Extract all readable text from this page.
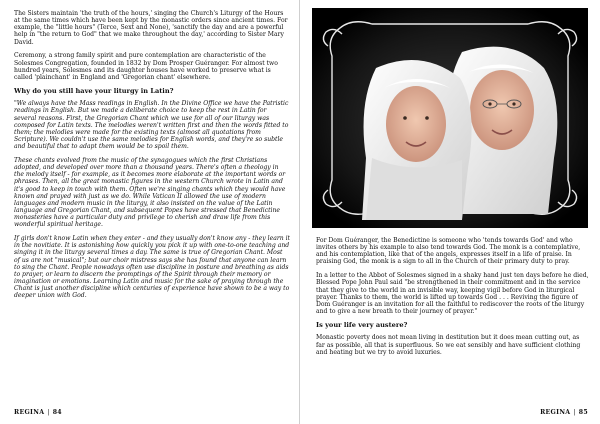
The Sisters maintain 'the truth of the hours,' singing the Church's Liturgy of the Hours at the same times which have been kept by the monastic orders since ancient times. For example, the "little hours" (Terce, Sext and None), 'sanctify the day and are a powerful help in "the return to God" that we make throughout the day,' according to Sister Mary David.

Ceremony, a strong family spirit and pure contemplation are characteristic of the Solesmes Congregation, founded in 1832 by Dom Prosper Guéranger. For almost two hundred years, Solesmes and its daughter houses have worked to preserve what is called 'plainchant' in England and 'Gregorian chant' elsewhere.

Why do you still have your liturgy in Latin?

"We always have the Mass readings in English. In the Divine Office we have the Patristic readings in English. But we made a deliberate choice to keep the rest in Latin for several reasons. First, the Gregorian Chant which we use for all of our liturgy was composed for Latin texts. The melodies weren't written first and then the words fitted to them; the melodies were made for the existing texts (almost all quotations from Scripture). We couldn't use the same melodies for English words, and they're so subtle and beautiful that to adapt them would be to spoil them.

These chants evolved from the music of the synagogues which the first Christians adopted, and developed over more than a thousand years. There's often a theology in the melody itself - for example, as it becomes more elaborate at the important words or phrases. Then, all the great monastic figures in the western Church wrote in Latin and it's good to keep in touch with them. Often we're singing chants which they would have known and prayed with just as we do. While Vatican II allowed the use of modern languages and modern music in the liturgy, it also insisted on the value of the Latin language and Gregorian Chant, and subsequent Popes have stressed that Benedictine monasteries have a particular duty and privilege to cherish and draw life from this wonderful spiritual heritage.

If girls don't know Latin when they enter - and they usually don't know any - they learn it in the novitiate. It is astonishing how quickly you pick it up with one-to-one teaching and singing it in the liturgy several times a day. The same is true of Gregorian Chant. Most of us are not "musical"; but our choir mistress says she has found that anyone can learn to sing the Chant. People nowadays often use discipline in posture and breathing as aids to prayer, or learn to discern the promptings of the Spirit through their memory or imagination or emotions. Learning Latin and music for the sake of praying through the Chant is just another discipline which centuries of experience have shown to be a way to deeper union with God.

REGINA | 84

For Dom Guéranger, the Benedictine is someone who 'tends towards God' and who invites others by his example to also tend towards God. The monk is a contemplative, and his contemplation, like that of the angels, expresses itself in a life of praise. In praising God, the monk is a sign to all in the Church of their primary duty to pray.

In a letter to the Abbot of Solesmes signed in a shaky hand just ten days before he died, Blessed Pope John Paul said "be strengthened in their commitment and in the service that they give to the world in an invisible way, keeping vigil before God in liturgical prayer. Thanks to them, the world is lifted up towards God . . . Reviving the figure of Dom Guéranger is an invitation for all the faithful to rediscover the roots of the liturgy and to give a new breath to their journey of prayer."

Is your life very austere?

Monastic poverty does not mean living in destitution but it does mean cutting out, as far as possible, all that is superfluous. So we eat sensibly and have sufficient clothing and heating but we try to avoid luxuries.

REGINA | 85
